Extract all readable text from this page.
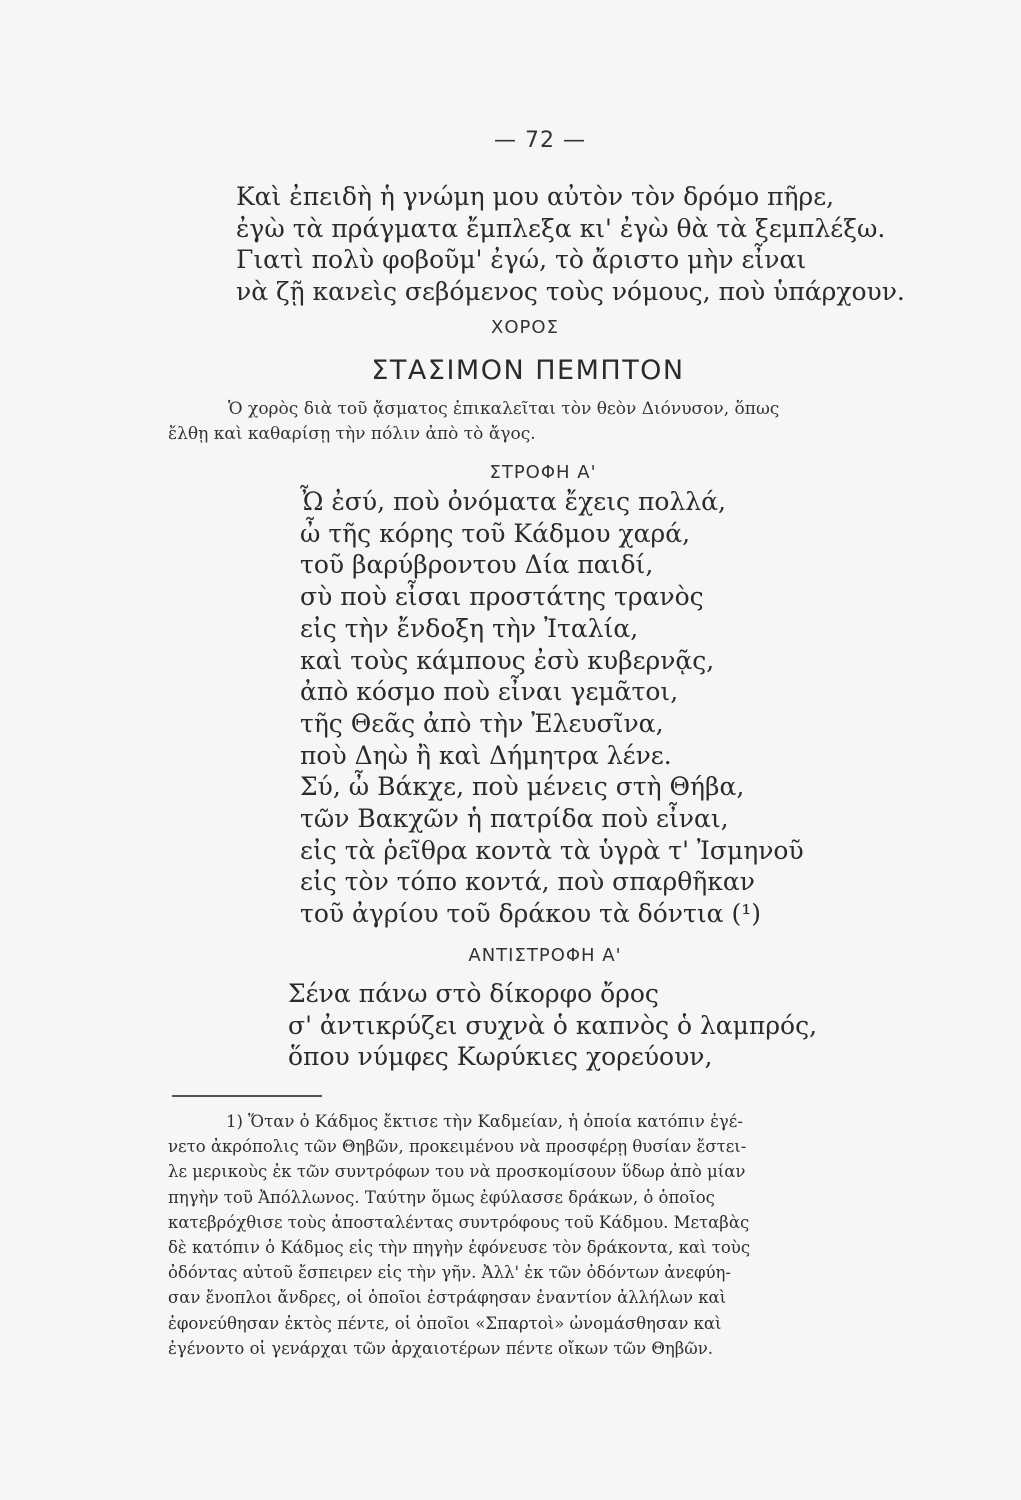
— 72 —

Καὶ ἐπειδὴ ἡ γνώμη μου αὐτὸν τὸν δρόμο πῆρε,
ἐγὼ τὰ πράγματα ἔμπλεξα κι' ἐγὼ θὰ τὰ ξεμπλέξω.
Γιατὶ πολὺ φοβοῦμ' ἐγώ, τὸ ἄριστο μὴν εἶναι
νὰ ζῇ κανεὶς σεβόμενος τοὺς νόμους, ποὺ ὑπάρχουν.

ΧΟΡΟΣ
ΣΤΑΣΙΜΟΝ ΠΕΜΠΤΟΝ

Ὁ χορὸς διὰ τοῦ ᾄσματος ἐπικαλεῖται τὸν θεὸν Διόνυσον, ὅπως
ἔλθῃ καὶ καθαρίσῃ τὴν πόλιν ἀπὸ τὸ ἄγος.

ΣΤΡΟΦΗ Α'

Ὦ ἐσύ, ποὺ ὀνόματα ἔχεις πολλά,
ὦ τῆς κόρης τοῦ Κάδμου χαρά,
τοῦ βαρύβροντου Δία παιδί,
σὺ ποὺ εἶσαι προστάτης τρανὸς
εἰς τὴν ἔνδοξη τὴν Ἰταλία,
καὶ τοὺς κάμπους ἐσὺ κυβερνᾷς,
ἀπὸ κόσμο ποὺ εἶναι γεμᾶτοι,
τῆς Θεᾶς ἀπὸ τὴν Ἐλευσῖνα,
ποὺ Δηὼ ἢ καὶ Δήμητρα λένε.
Σύ, ὦ Βάκχε, ποὺ μένεις στὴ Θήβα,
τῶν Βακχῶν ἡ πατρίδα ποὺ εἶναι,
εἰς τὰ ῥεῖθρα κοντὰ τὰ ὑγρὰ τ' Ἰσμηνοῦ
εἰς τὸν τόπο κοντά, ποὺ σπαρθῆκαν
τοῦ ἀγρίου τοῦ δράκου τὰ δόντια (¹)

ΑΝΤΙΣΤΡΟΦΗ Α'

Σένα πάνω στὸ δίκορφο ὄρος
σ' ἀντικρύζει συχνὰ ὁ καπνὸς ὁ λαμπρός,
ὅπου νύμφες Κωρύκιες χορεύουν,

1) Ὅταν ὁ Κάδμος ἔκτισε τὴν Καδμείαν, ἡ ὁποία κατόπιν ἐγέ-
νετο ἀκρόπολις τῶν Θηβῶν, προκειμένου νὰ προσφέρῃ θυσίαν ἔστει-
λε μερικοὺς ἐκ τῶν συντρόφων του νὰ προσκομίσουν ὕδωρ ἀπὸ μίαν
πηγὴν τοῦ Ἀπόλλωνος. Ταύτην ὅμως ἐφύλασσε δράκων, ὁ ὁποῖος
κατεβρόχθισε τοὺς ἀποσταλέντας συντρόφους τοῦ Κάδμου. Μεταβὰς
δὲ κατόπιν ὁ Κάδμος εἰς τὴν πηγὴν ἐφόνευσε τὸν δράκοντα, καὶ τοὺς
ὀδόντας αὐτοῦ ἔσπειρεν εἰς τὴν γῆν. Ἀλλ' ἐκ τῶν ὀδόντων ἀνεφύη-
σαν ἔνοπλοι ἄνδρες, οἱ ὁποῖοι ἐστράφησαν ἐναντίον ἀλλήλων καὶ
ἐφονεύθησαν ἐκτὸς πέντε, οἱ ὁποῖοι «Σπαρτοὶ» ὠνομάσθησαν καὶ
ἐγένοντο οἱ γενάρχαι τῶν ἀρχαιοτέρων πέντε οἴκων τῶν Θηβῶν.
